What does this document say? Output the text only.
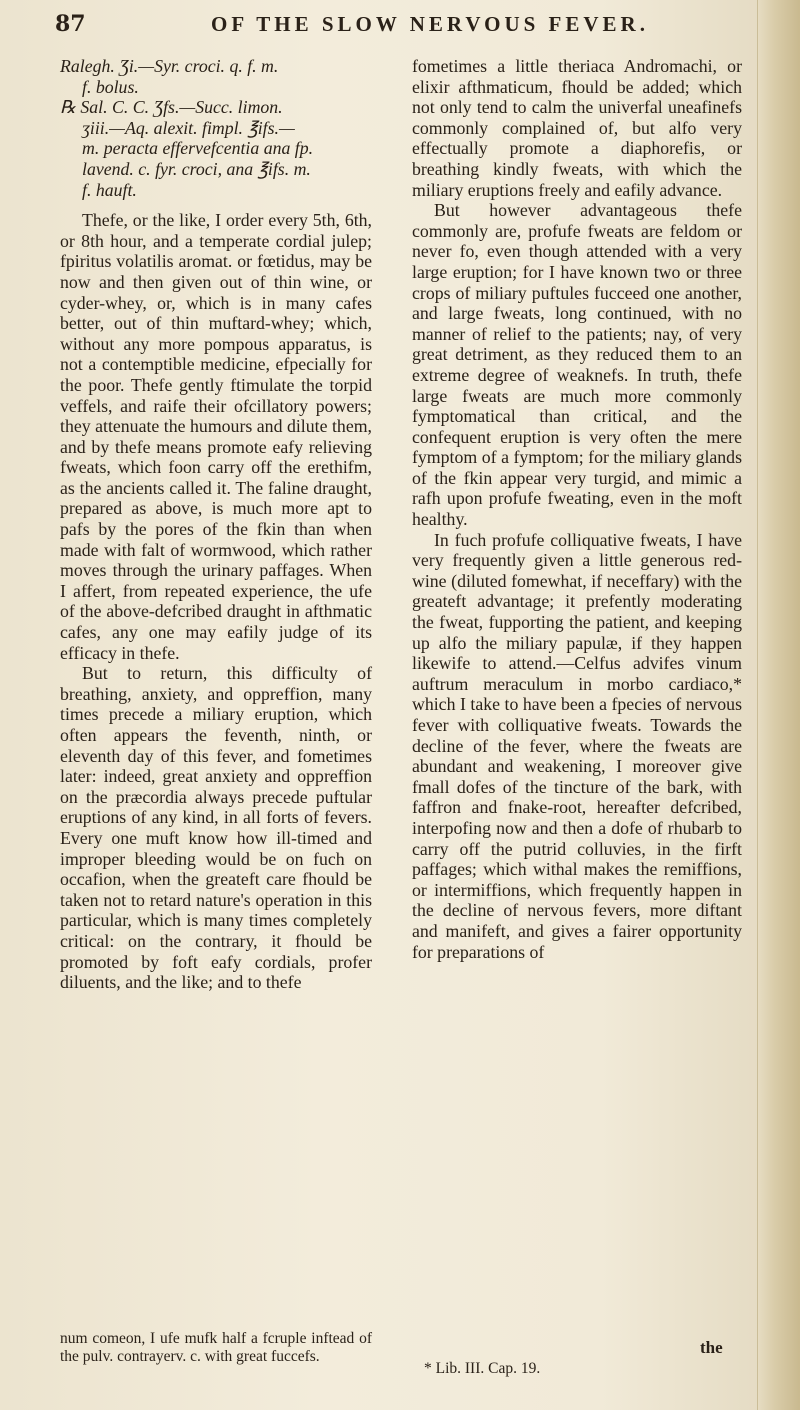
87	OF THE SLOW NERVOUS FEVER.

Ralegh. Ʒi.—Syr. croci. q. f. m.

f. bolus.

℞ Sal. C. C. Ʒfs.—Succ. limon.

ʒiii.—Aq. alexit. fimpl. ℥ifs.—

m. peracta effervefcentia ana fp.

lavend. c. fyr. croci, ana ℥ifs. m.

f. hauft.

Thefe, or the like, I order every 5th, 6th, or 8th hour, and a temperate cordial julep; fpiritus volatilis aromat. or fœtidus, may be now and then given out of thin wine, or cyder-whey, or, which is in many cafes better, out of thin muftard-whey; which, without any more pompous apparatus, is not a contemptible medicine, efpecially for the poor. Thefe gently ftimulate the torpid veffels, and raife their ofcillatory powers; they attenuate the humours and dilute them, and by thefe means promote eafy relieving fweats, which foon carry off the erethifm, as the ancients called it. The faline draught, prepared as above, is much more apt to pafs by the pores of the fkin than when made with falt of wormwood, which rather moves through the urinary paffages. When I affert, from repeated experience, the ufe of the above-defcribed draught in afthmatic cafes, any one may eafily judge of its efficacy in thefe.

But to return, this difficulty of breathing, anxiety, and oppreffion, many times precede a miliary eruption, which often appears the feventh, ninth, or eleventh day of this fever, and fometimes later: indeed, great anxiety and oppreffion on the præcordia always precede puftular eruptions of any kind, in all forts of fevers. Every one muft know how ill-timed and improper bleeding would be on fuch on occafion, when the greateft care fhould be taken not to retard nature's operation in this particular, which is many times completely critical: on the contrary, it fhould be promoted by foft eafy cordials, profer diluents, and the like; and to thefe

num comeon, I ufe mufk half a fcruple inftead of the pulv. contrayerv. c. with great fuccefs.

fometimes a little theriaca Andromachi, or elixir afthmaticum, fhould be added; which not only tend to calm the univerfal uneafinefs commonly complained of, but alfo very effectually promote a diaphorefis, or breathing kindly fweats, with which the miliary eruptions freely and eafily advance.

But however advantageous thefe commonly are, profufe fweats are feldom or never fo, even though attended with a very large eruption; for I have known two or three crops of miliary puftules fucceed one another, and large fweats, long continued, with no manner of relief to the patients; nay, of very great detriment, as they reduced them to an extreme degree of weaknefs. In truth, thefe large fweats are much more commonly fymptomatical than critical, and the confequent eruption is very often the mere fymptom of a fymptom; for the miliary glands of the fkin appear very turgid, and mimic a rafh upon profufe fweating, even in the moft healthy.

In fuch profufe colliquative fweats, I have very frequently given a little generous red-wine (diluted fomewhat, if neceffary) with the greateft advantage; it prefently moderating the fweat, fupporting the patient, and keeping up alfo the miliary papulæ, if they happen likewife to attend.—Celfus advifes vinum auftrum meraculum in morbo cardiaco,* which I take to have been a fpecies of nervous fever with colliquative fweats. Towards the decline of the fever, where the fweats are abundant and weakening, I moreover give fmall dofes of the tincture of the bark, with faffron and fnake-root, hereafter defcribed, interpofing now and then a dofe of rhubarb to carry off the putrid colluvies, in the firft paffages; which withal makes the remiffions, or intermiffions, which frequently happen in the decline of nervous fevers, more diftant and manifeft, and gives a fairer opportunity for preparations of

the
* Lib. III. Cap. 19.
